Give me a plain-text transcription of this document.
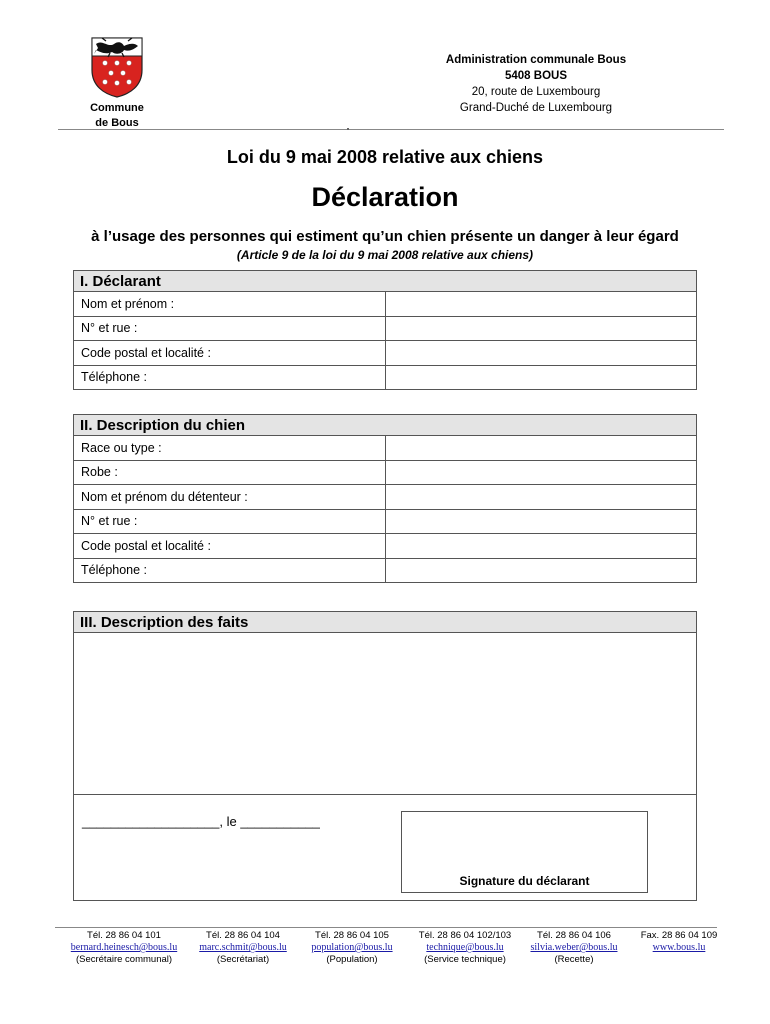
Commune
de Bous
Administration communale Bous
5408 BOUS
20, route de Luxembourg
Grand-Duché de Luxembourg
Loi du 9 mai 2008 relative aux chiens
Déclaration
à l’usage des personnes qui estiment qu’un chien présente un danger à leur égard
(Article 9 de la loi du 9 mai 2008 relative aux chiens)
I. Déclarant	
Nom et prénom :	
N° et rue :	
Code postal et localité :	
Téléphone :	
II. Description du chien	
Race ou type :	
Robe :	
Nom et prénom du détenteur :	
N° et rue :	
Code postal et localité :	
Téléphone :	
III. Description des faits
___________________, le ___________
Signature du déclarant
Tél. 28 86 04 101
bernard.heinesch@bous.lu
(Secrétaire communal)
Tél. 28 86 04 104
marc.schmit@bous.lu
(Secrétariat)
Tél. 28 86 04 105
population@bous.lu
(Population)
Tél. 28 86 04 102/103
technique@bous.lu
(Service technique)
Tél. 28 86 04 106
silvia.weber@bous.lu
(Recette)
Fax. 28 86 04 109
www.bous.lu
